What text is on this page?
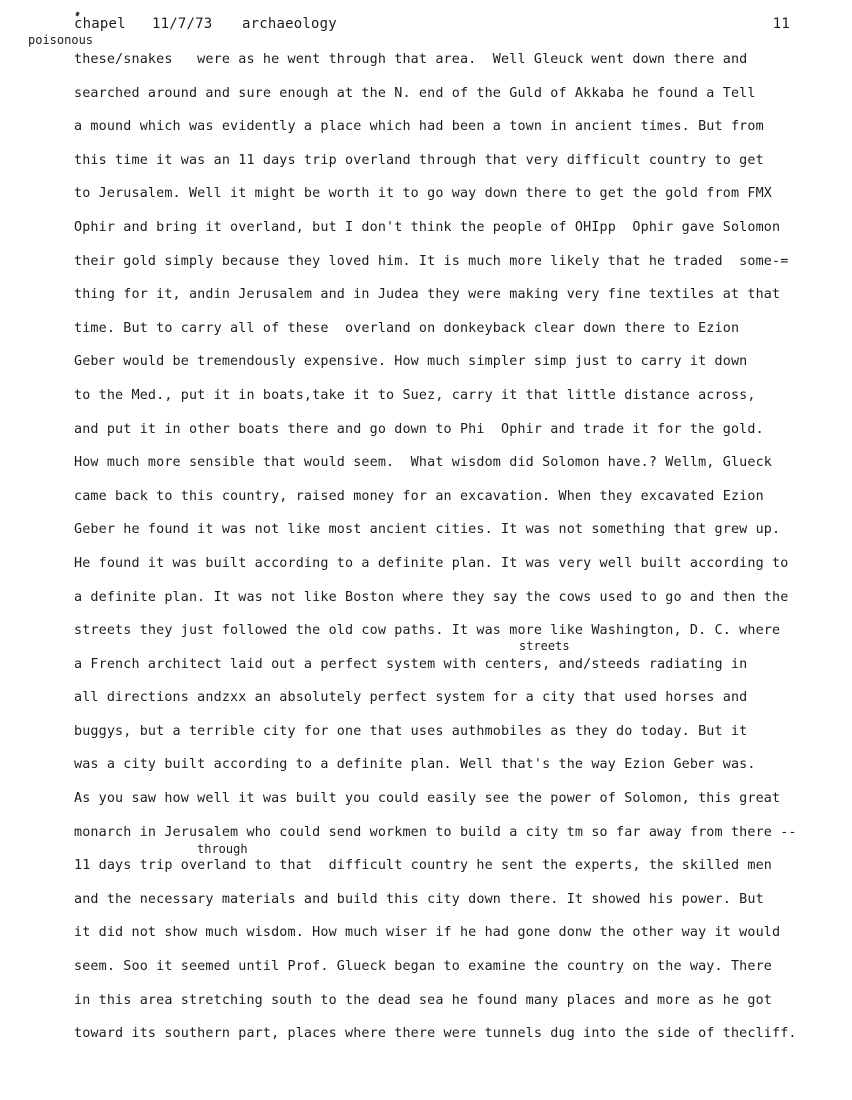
chapel 11/7/73 archaeology	11
poisonous
streets
through
these/snakes   were as he went through that area.  Well Gleuck went down there and
searched around and sure enough at the N. end of the Guld of Akkaba he found a Tell
a mound which was evidently a place which had been a town in ancient times. But from
this time it was an 11 days trip overland through that very difficult country to get
to Jerusalem. Well it might be worth it to go way down there to get the gold from FMX
Ophir and bring it overland, but I don't think the people of OHIpp  Ophir gave Solomon
their gold simply because they loved him. It is much more likely that he traded  some-=
thing for it, andin Jerusalem and in Judea they were making very fine textiles at that
time. But to carry all of these  overland on donkeyback clear down there to Ezion
Geber would be tremendously expensive. How much simpler simp just to carry it down
to the Med., put it in boats,take it to Suez, carry it that little distance across,
and put it in other boats there and go down to Phi  Ophir and trade it for the gold.
How much more sensible that would seem.  What wisdom did Solomon have.? Wellm, Glueck
came back to this country, raised money for an excavation. When they excavated Ezion
Geber he found it was not like most ancient cities. It was not something that grew up.
He found it was built according to a definite plan. It was very well built according to
a definite plan. It was not like Boston where they say the cows used to go and then the
streets they just followed the old cow paths. It was more like Washington, D. C. where
a French architect laid out a perfect system with centers, and/steeds radiating in
all directions andzxx an absolutely perfect system for a city that used horses and
buggys, but a terrible city for one that uses authmobiles as they do today. But it
was a city built according to a definite plan. Well that's the way Ezion Geber was.
As you saw how well it was built you could easily see the power of Solomon, this great
monarch in Jerusalem who could send workmen to build a city tm so far away from there --
11 days trip overland to that  difficult country he sent the experts, the skilled men
and the necessary materials and build this city down there. It showed his power. But
it did not show much wisdom. How much wiser if he had gone donw the other way it would
seem. Soo it seemed until Prof. Glueck began to examine the country on the way. There
in this area stretching south to the dead sea he found many places and more as he got
toward its southern part, places where there were tunnels dug into the side of thecliff.
